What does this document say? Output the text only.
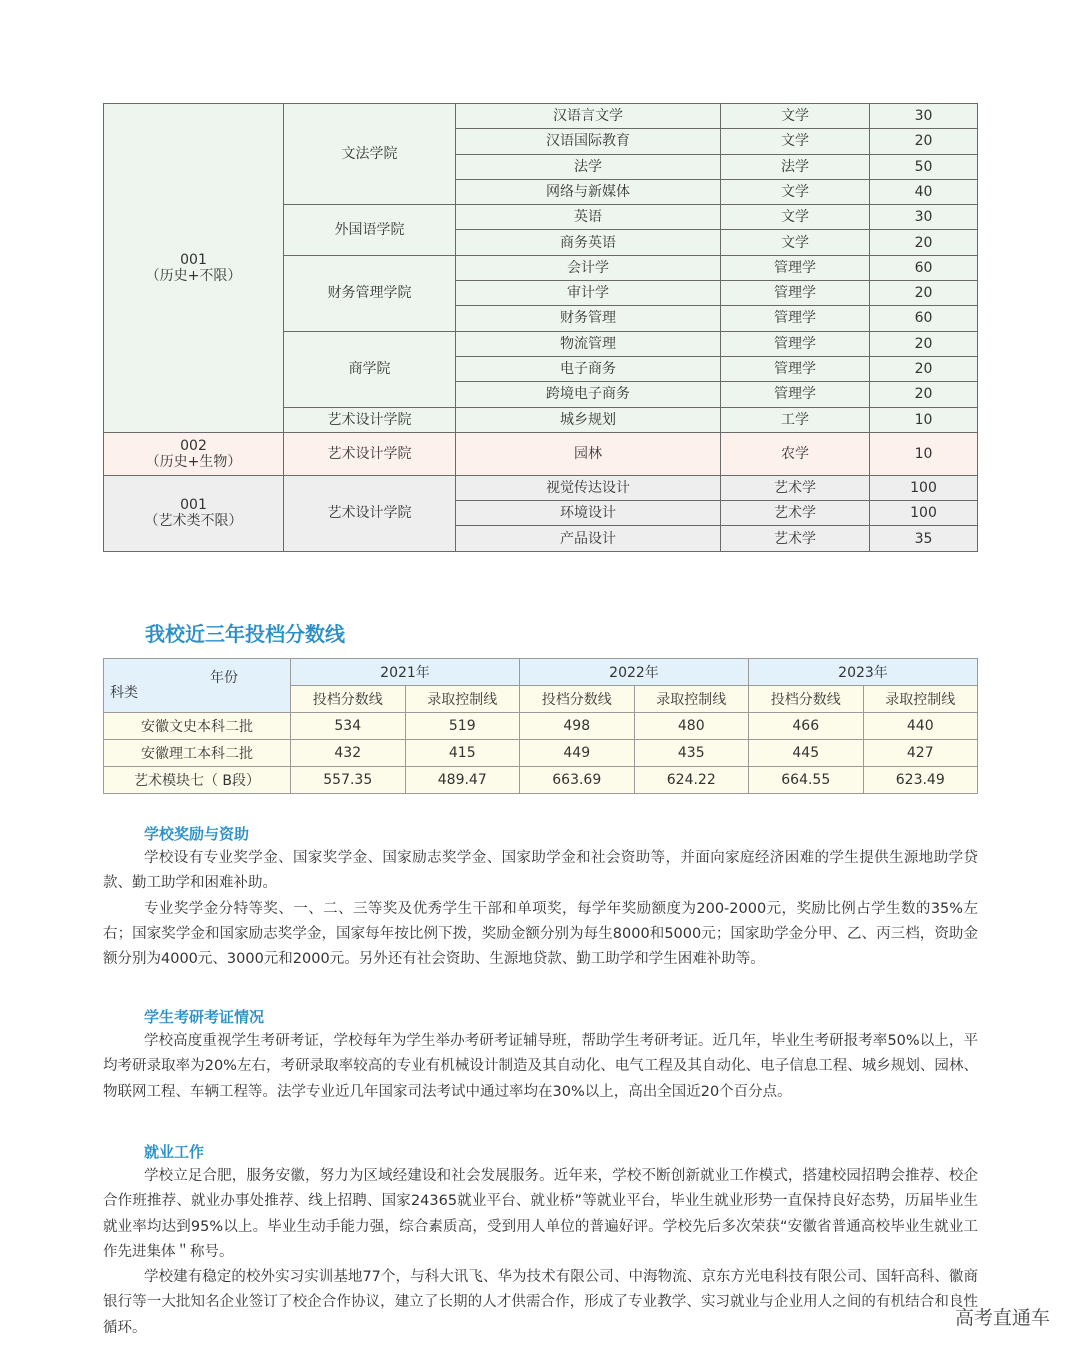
001
（历史+不限）	文法学院	汉语言文学	文学	30
		汉语国际教育	文学	20
		法学	法学	50
		网络与新媒体	文学	40
	外国语学院	英语	文学	30
		商务英语	文学	20
	财务管理学院	会计学	管理学	60
		审计学	管理学	20
		财务管理	管理学	60
	商学院	物流管理	管理学	20
		电子商务	管理学	20
		跨境电子商务	管理学	20
	艺术设计学院	城乡规划	工学	10

002
（历史+生物）	艺术设计学院	园林	农学	10

001
（艺术类不限）	艺术设计学院	视觉传达设计	艺术学	100
		环境设计	艺术学	100
		产品设计	艺术学	35
我校近三年投档分数线
年份
科类	2021年		2022年		2023年	
	投档分数线	录取控制线	投档分数线	录取控制线	投档分数线	录取控制线
安徽文史本科二批	534	519	498	480	466	440
安徽理工本科二批	432	415	449	435	445	427
艺术模块七（ B段）	557.35	489.47	663.69	624.22	664.55	623.49
学校奖励与资助

学校设有专业奖学金、国家奖学金、国家励志奖学金、国家助学金和社会资助等，并面向家庭经济困难的学生提供生源地助学贷款、勤工助学和困难补助。

专业奖学金分特等奖、一、二、三等奖及优秀学生干部和单项奖，每学年奖励额度为200-2000元，奖励比例占学生数的35%左右；国家奖学金和国家励志奖学金，国家每年按比例下拨，奖励金额分别为每生8000和5000元；国家助学金分甲、乙、丙三档，资助金额分别为4000元、3000元和2000元。另外还有社会资助、生源地贷款、勤工助学和学生困难补助等。

学生考研考证情况

学校高度重视学生考研考证，学校每年为学生举办考研考证辅导班，帮助学生考研考证。近几年，毕业生考研报考率50%以上，平均考研录取率为20%左右，考研录取率较高的专业有机械设计制造及其自动化、电气工程及其自动化、电子信息工程、城乡规划、园林、物联网工程、车辆工程等。法学专业近几年国家司法考试中通过率均在30%以上，高出全国近20个百分点。

就业工作

学校立足合肥，服务安徽，努力为区域经建设和社会发展服务。近年来，学校不断创新就业工作模式，搭建校园招聘会推荐、校企合作班推荐、就业办事处推荐、线上招聘、国家24365就业平台、就业桥”等就业平台，毕业生就业形势一直保持良好态势，历届毕业生就业率均达到95%以上。毕业生动手能力强，综合素质高，受到用人单位的普遍好评。学校先后多次荣获“安徽省普通高校毕业生就业工作先进集体＂称号。

学校建有稳定的校外实习实训基地77个，与科大讯飞、华为技术有限公司、中海物流、京东方光电科技有限公司、国轩高科、徽商银行等一大批知名企业签订了校企合作协议，建立了长期的人才供需合作，形成了专业教学、实习就业与企业用人之间的有机结合和良性循环。	高考直通车
